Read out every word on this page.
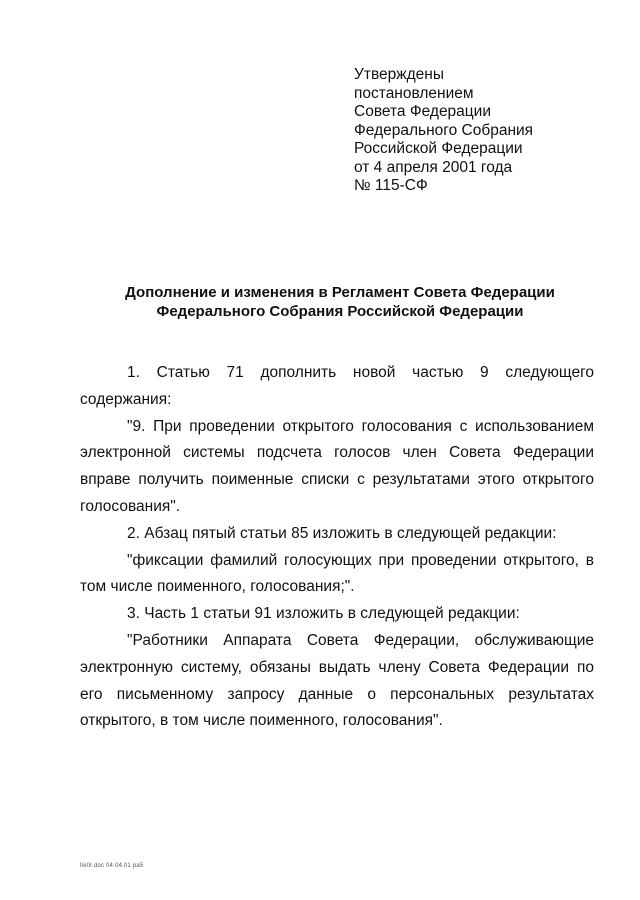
Утверждены
постановлением
Совета Федерации
Федерального Собрания
Российской Федерации
от 4 апреля 2001 года
№ 115-СФ
Дополнение и изменения в Регламент Совета Федерации
Федерального Собрания Российской Федерации

1. Статью 71 дополнить новой частью 9 следующего содержания:

"9. При проведении открытого голосования с использованием электронной системы подсчета голосов член Совета Федерации вправе получить поименные списки с результатами этого открытого голосования".

2. Абзац пятый статьи 85 изложить в следующей редакции:

"фиксации фамилий голосующих при проведении открытого, в том числе поименного, голосования;".

3. Часть 1 статьи 91 изложить в следующей редакции:

"Работники Аппарата Совета Федерации, обслуживающие электронную систему, обязаны выдать члену Совета Федерации по его письменному запросу данные о персональных результатах открытого, в том числе поименного, голосования".

lle0r.doc 04.04.01 pa5
